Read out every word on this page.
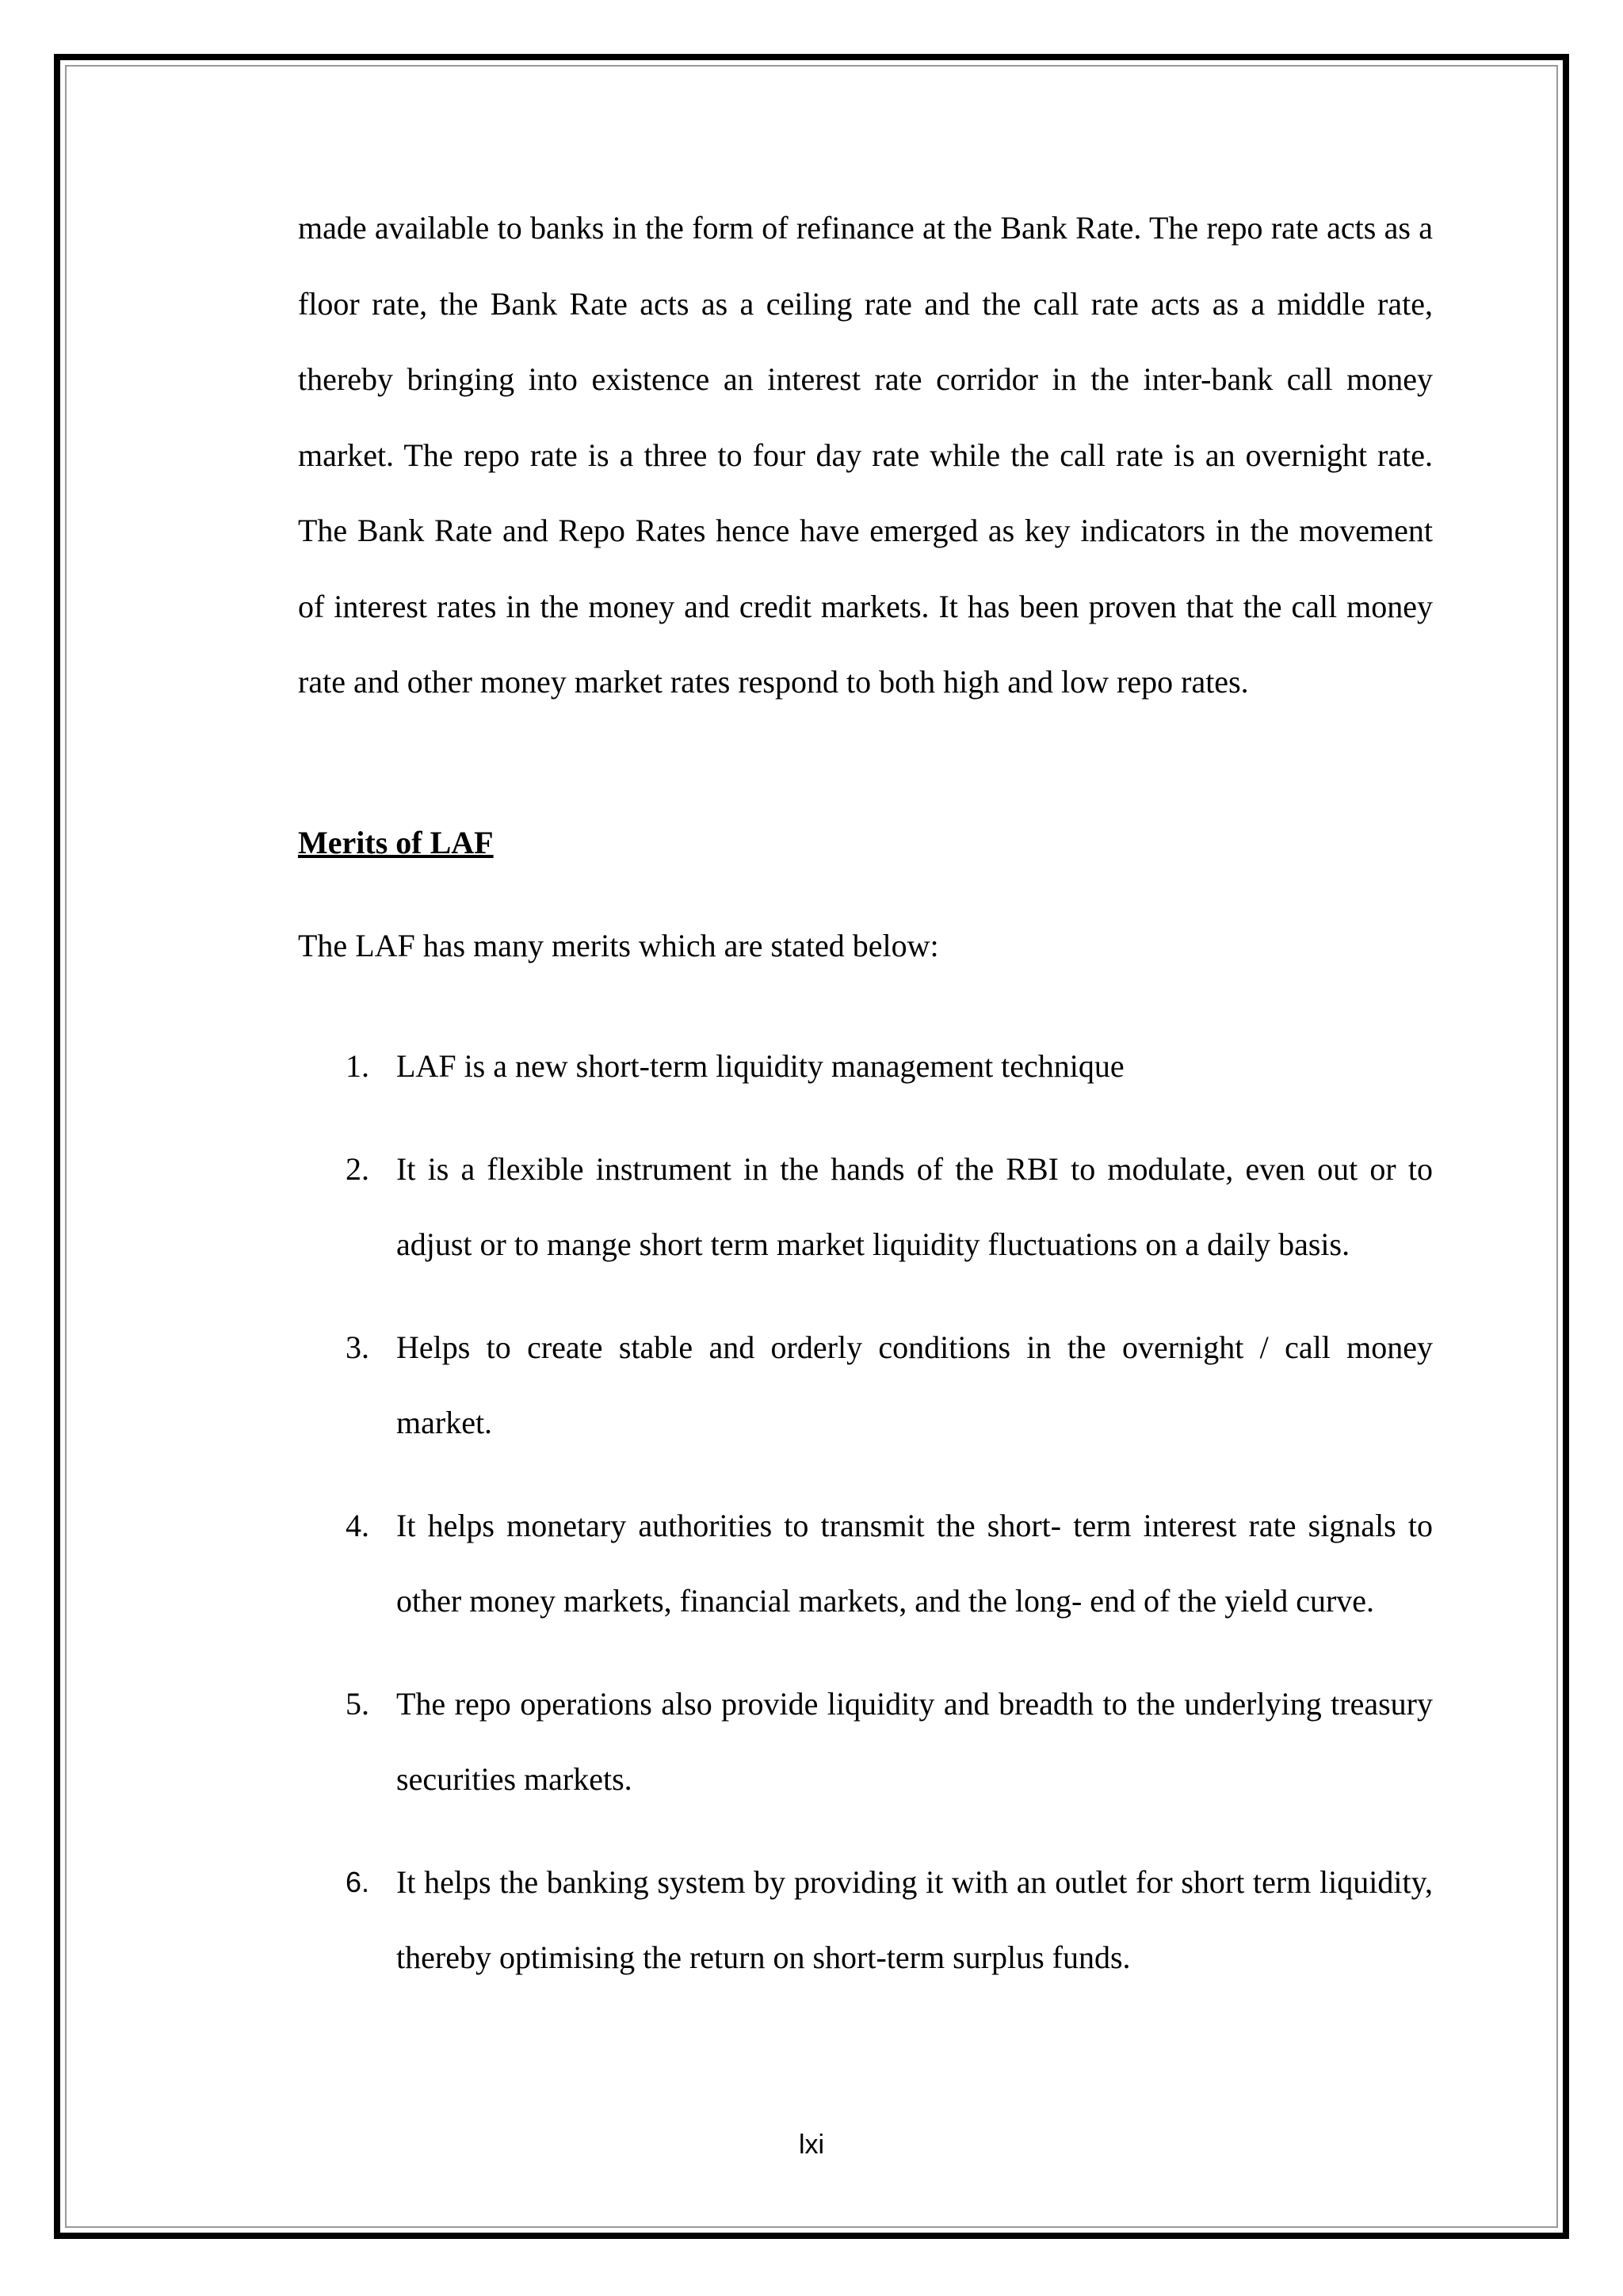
made available to banks in the form of refinance at the Bank Rate. The repo rate acts as a floor rate, the Bank Rate acts as a ceiling rate and the call rate acts as a middle rate, thereby bringing into existence an interest rate corridor in the inter-bank call money market. The repo rate is a three to four day rate while the call rate is an overnight rate. The Bank Rate and Repo Rates hence have emerged as key indicators in the movement of interest rates in the money and credit markets. It has been proven that the call money rate and other money market rates respond to both high and low repo rates.

Merits of LAF

The LAF has many merits which are stated below:

1. LAF is a new short-term liquidity management technique

2. It is a flexible instrument in the hands of the RBI to modulate, even out or to adjust or to mange short term market liquidity fluctuations on a daily basis.

3. Helps to create stable and orderly conditions in the overnight / call money market.

4. It helps monetary authorities to transmit the short- term interest rate signals to other money markets, financial markets, and the long- end of the yield curve.

5. The repo operations also provide liquidity and breadth to the underlying treasury securities markets.

6. It helps the banking system by providing it with an outlet for short term liquidity, thereby optimising the return on short-term surplus funds.

lxi
